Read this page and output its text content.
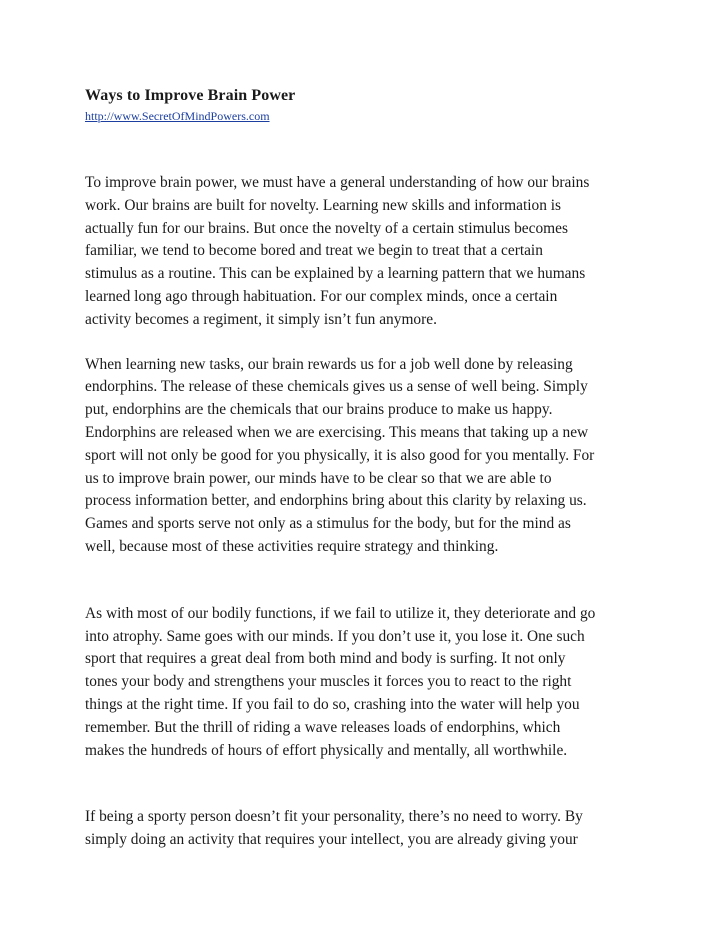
Ways to Improve Brain Power
http://www.SecretOfMindPowers.com

To improve brain power, we must have a general understanding of how our brains
work. Our brains are built for novelty. Learning new skills and information is
actually fun for our brains. But once the novelty of a certain stimulus becomes
familiar, we tend to become bored and treat we begin to treat that a certain
stimulus as a routine. This can be explained by a learning pattern that we humans
learned long ago through habituation. For our complex minds, once a certain
activity becomes a regiment, it simply isn’t fun anymore.

When learning new tasks, our brain rewards us for a job well done by releasing
endorphins. The release of these chemicals gives us a sense of well being. Simply
put, endorphins are the chemicals that our brains produce to make us happy.
Endorphins are released when we are exercising. This means that taking up a new
sport will not only be good for you physically, it is also good for you mentally. For
us to improve brain power, our minds have to be clear so that we are able to
process information better, and endorphins bring about this clarity by relaxing us.
Games and sports serve not only as a stimulus for the body, but for the mind as
well, because most of these activities require strategy and thinking.

As with most of our bodily functions, if we fail to utilize it, they deteriorate and go
into atrophy. Same goes with our minds. If you don’t use it, you lose it. One such
sport that requires a great deal from both mind and body is surfing. It not only
tones your body and strengthens your muscles it forces you to react to the right
things at the right time. If you fail to do so, crashing into the water will help you
remember. But the thrill of riding a wave releases loads of endorphins, which
makes the hundreds of hours of effort physically and mentally, all worthwhile.

If being a sporty person doesn’t fit your personality, there’s no need to worry. By
simply doing an activity that requires your intellect, you are already giving your
